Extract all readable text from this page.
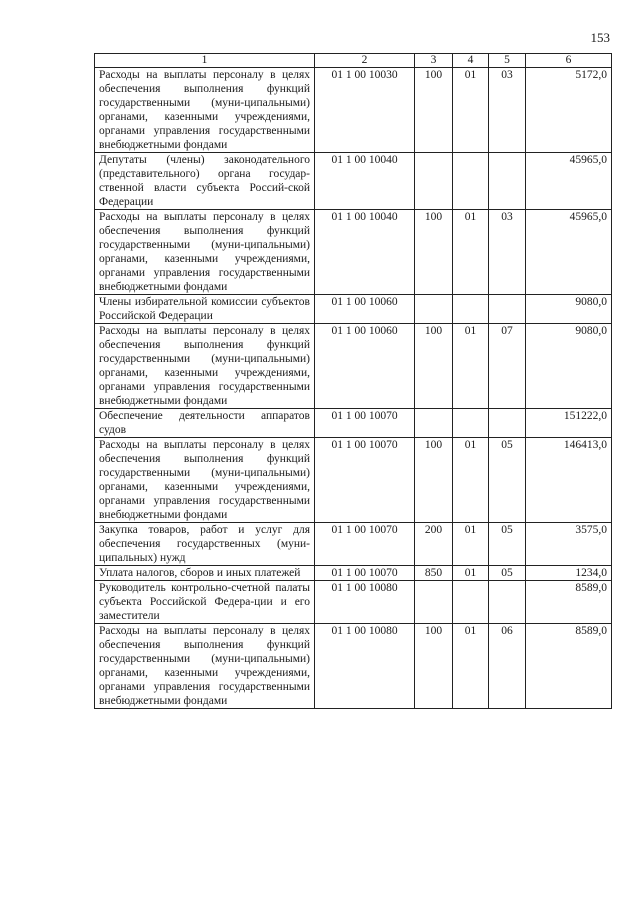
153
1	2	3	4	5	6
Расходы на выплаты персоналу в целях обеспечения выполнения функций государственными (муни-ципальными) органами, казенными учреждениями, органами управления государственными внебюджетными фондами	01 1 00 10030	100	01	03	5172,0
Депутаты (члены) законодательного (представительного) органа государ-ственной власти субъекта Россий-ской Федерации	01 1 00 10040				45965,0
Расходы на выплаты персоналу в целях обеспечения выполнения функций государственными (муни-ципальными) органами, казенными учреждениями, органами управления государственными внебюджетными фондами	01 1 00 10040	100	01	03	45965,0
Члены избирательной комиссии субъектов Российской Федерации	01 1 00 10060				9080,0
Расходы на выплаты персоналу в целях обеспечения выполнения функций государственными (муни-ципальными) органами, казенными учреждениями, органами управления государственными внебюджетными фондами	01 1 00 10060	100	01	07	9080,0
Обеспечение деятельности аппаратов судов	01 1 00 10070				151222,0
Расходы на выплаты персоналу в целях обеспечения выполнения функций государственными (муни-ципальными) органами, казенными учреждениями, органами управления государственными внебюджетными фондами	01 1 00 10070	100	01	05	146413,0
Закупка товаров, работ и услуг для обеспечения государственных (муни-ципальных) нужд	01 1 00 10070	200	01	05	3575,0
Уплата налогов, сборов и иных платежей	01 1 00 10070	850	01	05	1234,0
Руководитель контрольно-счетной палаты субъекта Российской Федера-ции и его заместители	01 1 00 10080				8589,0
Расходы на выплаты персоналу в целях обеспечения выполнения функций государственными (муни-ципальными) органами, казенными учреждениями, органами управления государственными внебюджетными фондами	01 1 00 10080	100	01	06	8589,0
